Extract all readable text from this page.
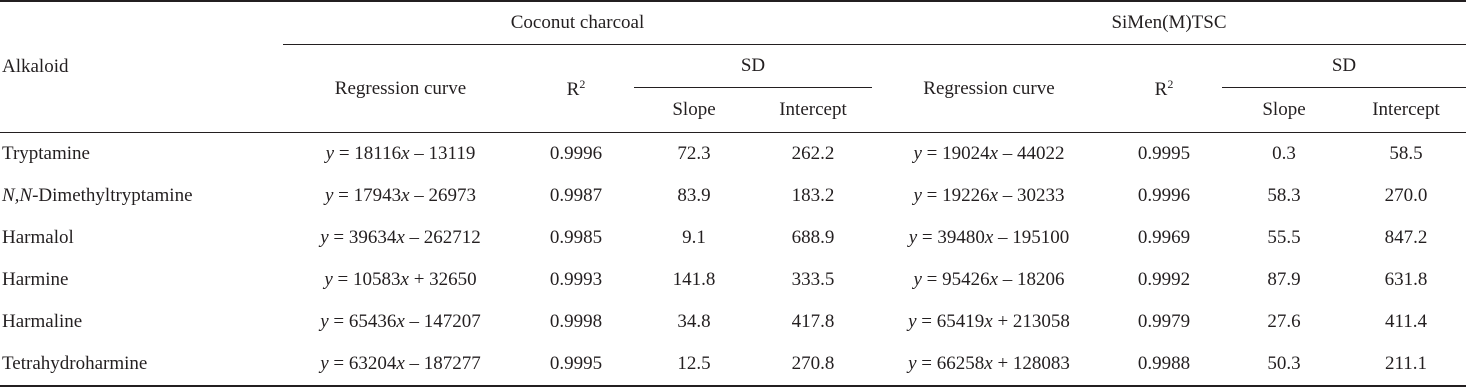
Alkaloid	Coconut charcoal				SiMen(M)TSC			
	Regression curve	$R^2$	SD		Regression curve	$R^2$	SD	
			Slope	Intercept			Slope	Intercept
Tryptamine	y = 18116x – 13119	0.9996	72.3	262.2	y = 19024x – 44022	0.9995	0.3	58.5
N,N-Dimethyltryptamine	y = 17943x – 26973	0.9987	83.9	183.2	y = 19226x – 30233	0.9996	58.3	270.0
Harmalol	y = 39634x – 262712	0.9985	9.1	688.9	y = 39480x – 195100	0.9969	55.5	847.2
Harmine	y = 10583x + 32650	0.9993	141.8	333.5	y = 95426x – 18206	0.9992	87.9	631.8
Harmaline	y = 65436x – 147207	0.9998	34.8	417.8	y = 65419x + 213058	0.9979	27.6	411.4
Tetrahydroharmine	y = 63204x – 187277	0.9995	12.5	270.8	y = 66258x + 128083	0.9988	50.3	211.1
